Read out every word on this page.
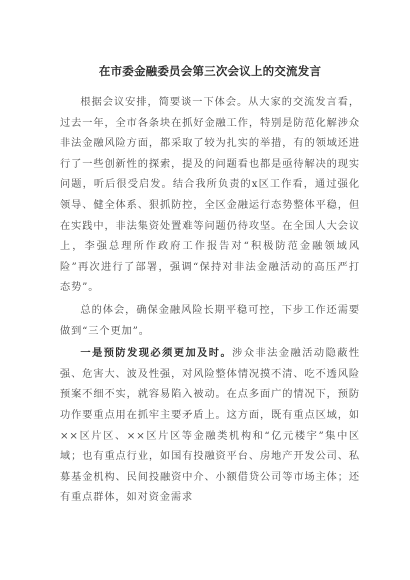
在市委金融委员会第三次会议上的交流发言

根据会议安排，简要谈一下体会。从大家的交流发言看，过去一年，全市各条块在抓好金融工作，特别是防范化解涉众非法金融风险方面，都采取了较为扎实的举措，有的领域还进行了一些创新性的探索，提及的问题看也都是亟待解决的现实问题，听后很受启发。结合我所负责的x区工作看，通过强化领导、健全体系、狠抓防控，全区金融运行态势整体平稳，但在实践中，非法集资处置难等问题仍待攻坚。在全国人大会议上，李强总理所作政府工作报告对“积极防范金融领域风险”再次进行了部署，强调“保持对非法金融活动的高压严打态势”。

总的体会，确保金融风险长期平稳可控，下步工作还需要做到“三个更加”。

一是预防发现必须更加及时。涉众非法金融活动隐蔽性强、危害大、波及性强，对风险整体情况摸不清、吃不透风险预案不细不实，就容易陷入被动。在点多面广的情况下，预防功作要重点用在抓牢主要矛盾上。这方面，既有重点区域，如××区片区、××区片区等金融类机构和“亿元楼宇”集中区域；也有重点行业，如国有投融资平台、房地产开发公司、私募基金机构、民间投融资中介、小额借贷公司等市场主体；还有重点群体，如对资金需求
